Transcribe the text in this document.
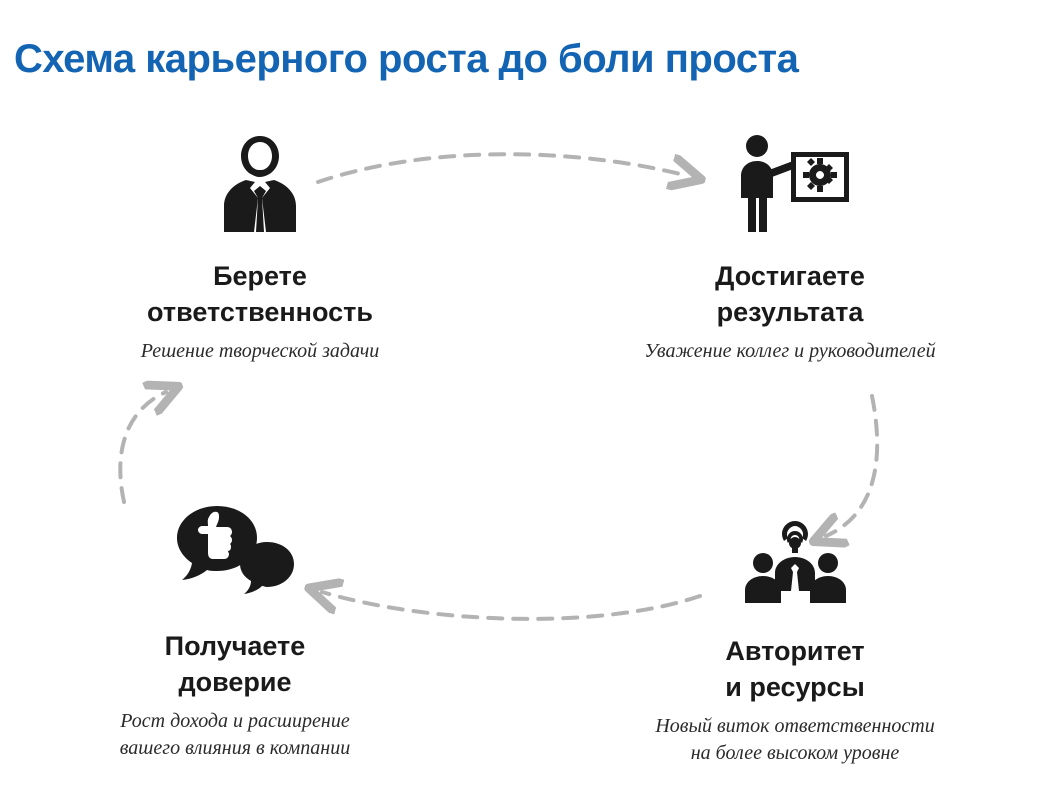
Схема карьерного роста до боли проста
Берете
ответственность
Решение творческой задачи
Достигаете
результата
Уважение коллег и руководителей
Получаете
доверие
Рост дохода и расширение
вашего влияния в компании
Авторитет
и ресурсы
Новый виток ответственности
на более высоком уровне
